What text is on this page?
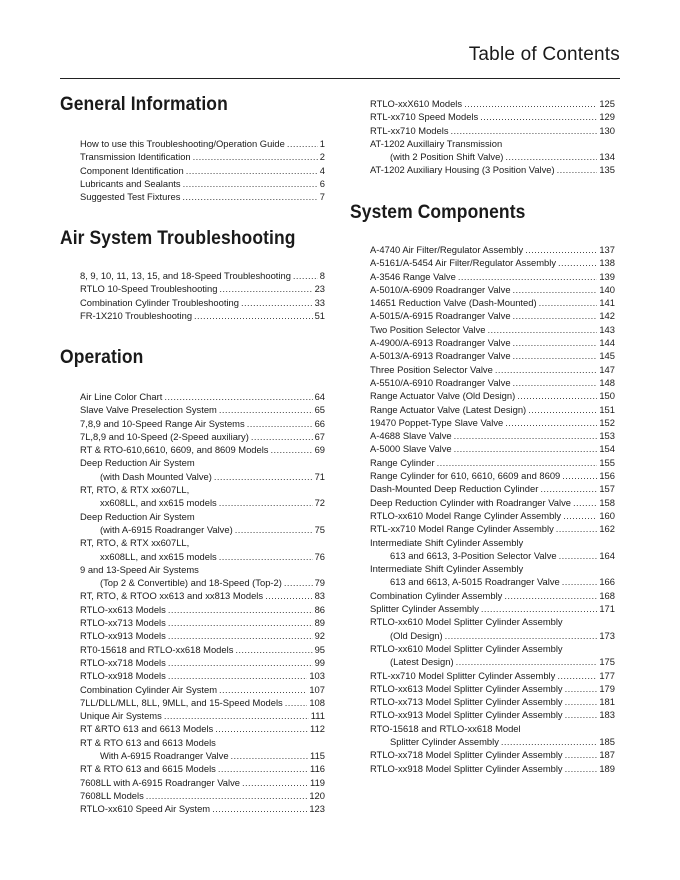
Table of Contents
General Information
How to use this Troubleshooting/Operation Guide .....	1
Transmission Identification .....	2
Component Identification .....	4
Lubricants and Sealants .....	6
Suggested Test Fixtures .....	7
Air System Troubleshooting
8, 9, 10, 11, 13, 15, and 18-Speed Troubleshooting .....	8
RTLO 10-Speed Troubleshooting .....	23
Combination Cylinder Troubleshooting .....	33
FR-1X210 Troubleshooting .....	51
Operation
Air Line Color Chart .....	64
Slave Valve Preselection System .....	65
7,8,9 and 10-Speed Range Air Systems .....	66
7L,8,9 and 10-Speed (2-Speed auxiliary) .....	67
RT & RTO-610,6610, 6609, and 8609 Models .....	69
Deep Reduction Air System
(with Dash Mounted Valve) .....	71
RT, RTO, & RTX xx607LL,
xx608LL, and xx615 models .....	72
Deep Reduction Air System
(with A-6915 Roadranger Valve) .....	75
RT, RTO, & RTX xx607LL,
xx608LL, and xx615 models .....	76
9 and 13-Speed Air Systems
(Top 2 & Convertible) and 18-Speed (Top-2) .....	79
RT, RTO, & RTOO xx613 and xx813 Models .....	83
RTLO-xx613 Models .....	86
RTLO-xx713 Models .....	89
RTLO-xx913 Models .....	92
RT0-15618 and RTLO-xx618 Models .....	95
RTLO-xx718 Models .....	99
RTLO-xx918 Models .....	103
Combination Cylinder Air System .....	107
7LL/DLL/MLL, 8LL, 9MLL, and 15-Speed Models .....	108
Unique Air Systems .....	111
RT &RTO 613 and 6613 Models .....	112
RT & RTO 613 and 6613 Models
With A-6915 Roadranger Valve .....	115
RT & RTO 613 and 6615 Models .....	116
7608LL with A-6915 Roadranger Valve .....	119
7608LL Models .....	120
RTLO-xx610 Speed Air System .....	123
RTLO-xxX610 Models .....	125
RTL-xx710 Speed Models .....	129
RTL-xx710 Models .....	130
AT-1202 Auxillairy Transmission
(with 2 Position Shift Valve) .....	134
AT-1202 Auxiliary Housing (3 Position Valve) .....	135
System Components
A-4740 Air Filter/Regulator Assembly .....	137
A-5161/A-5454 Air Filter/Regulator Assembly .....	138
A-3546 Range Valve .....	139
A-5010/A-6909 Roadranger Valve .....	140
14651 Reduction Valve (Dash-Mounted) .....	141
A-5015/A-6915 Roadranger Valve .....	142
Two Position Selector Valve .....	143
A-4900/A-6913 Roadranger Valve .....	144
A-5013/A-6913 Roadranger Valve .....	145
Three Position Selector Valve .....	147
A-5510/A-6910 Roadranger Valve .....	148
Range Actuator Valve (Old Design) .....	150
Range Actuator Valve (Latest Design) .....	151
19470 Poppet-Type Slave Valve .....	152
A-4688 Slave Valve .....	153
A-5000 Slave Valve .....	154
Range Cylinder .....	155
Range Cylinder for 610, 6610, 6609 and 8609 .....	156
Dash-Mounted Deep Reduction Cylinder .....	157
Deep Reduction Cylinder with Roadranger Valve .....	158
RTLO-xx610 Model Range Cylinder Assembly .....	160
RTL-xx710 Model Range Cylinder Assembly .....	162
Intermediate Shift Cylinder Assembly
613 and 6613, 3-Position Selector Valve .....	164
Intermediate Shift Cylinder Assembly
613 and 6613, A-5015 Roadranger Valve .....	166
Combination Cylinder Assembly .....	168
Splitter Cylinder Assembly .....	171
RTLO-xx610 Model Splitter Cylinder Assembly
(Old Design) .....	173
RTLO-xx610 Model Splitter Cylinder Assembly
(Latest Design) .....	175
RTL-xx710 Model Splitter Cylinder Assembly .....	177
RTLO-xx613 Model Splitter Cylinder Assembly .....	179
RTLO-xx713 Model Splitter Cylinder Assembly .....	181
RTLO-xx913 Model Splitter Cylinder Assembly .....	183
RTO-15618 and RTLO-xx618 Model
Splitter Cylinder Assembly .....	185
RTLO-xx718 Model Splitter Cylinder Assembly .....	187
RTLO-xx918 Model Splitter Cylinder Assembly .....	189
